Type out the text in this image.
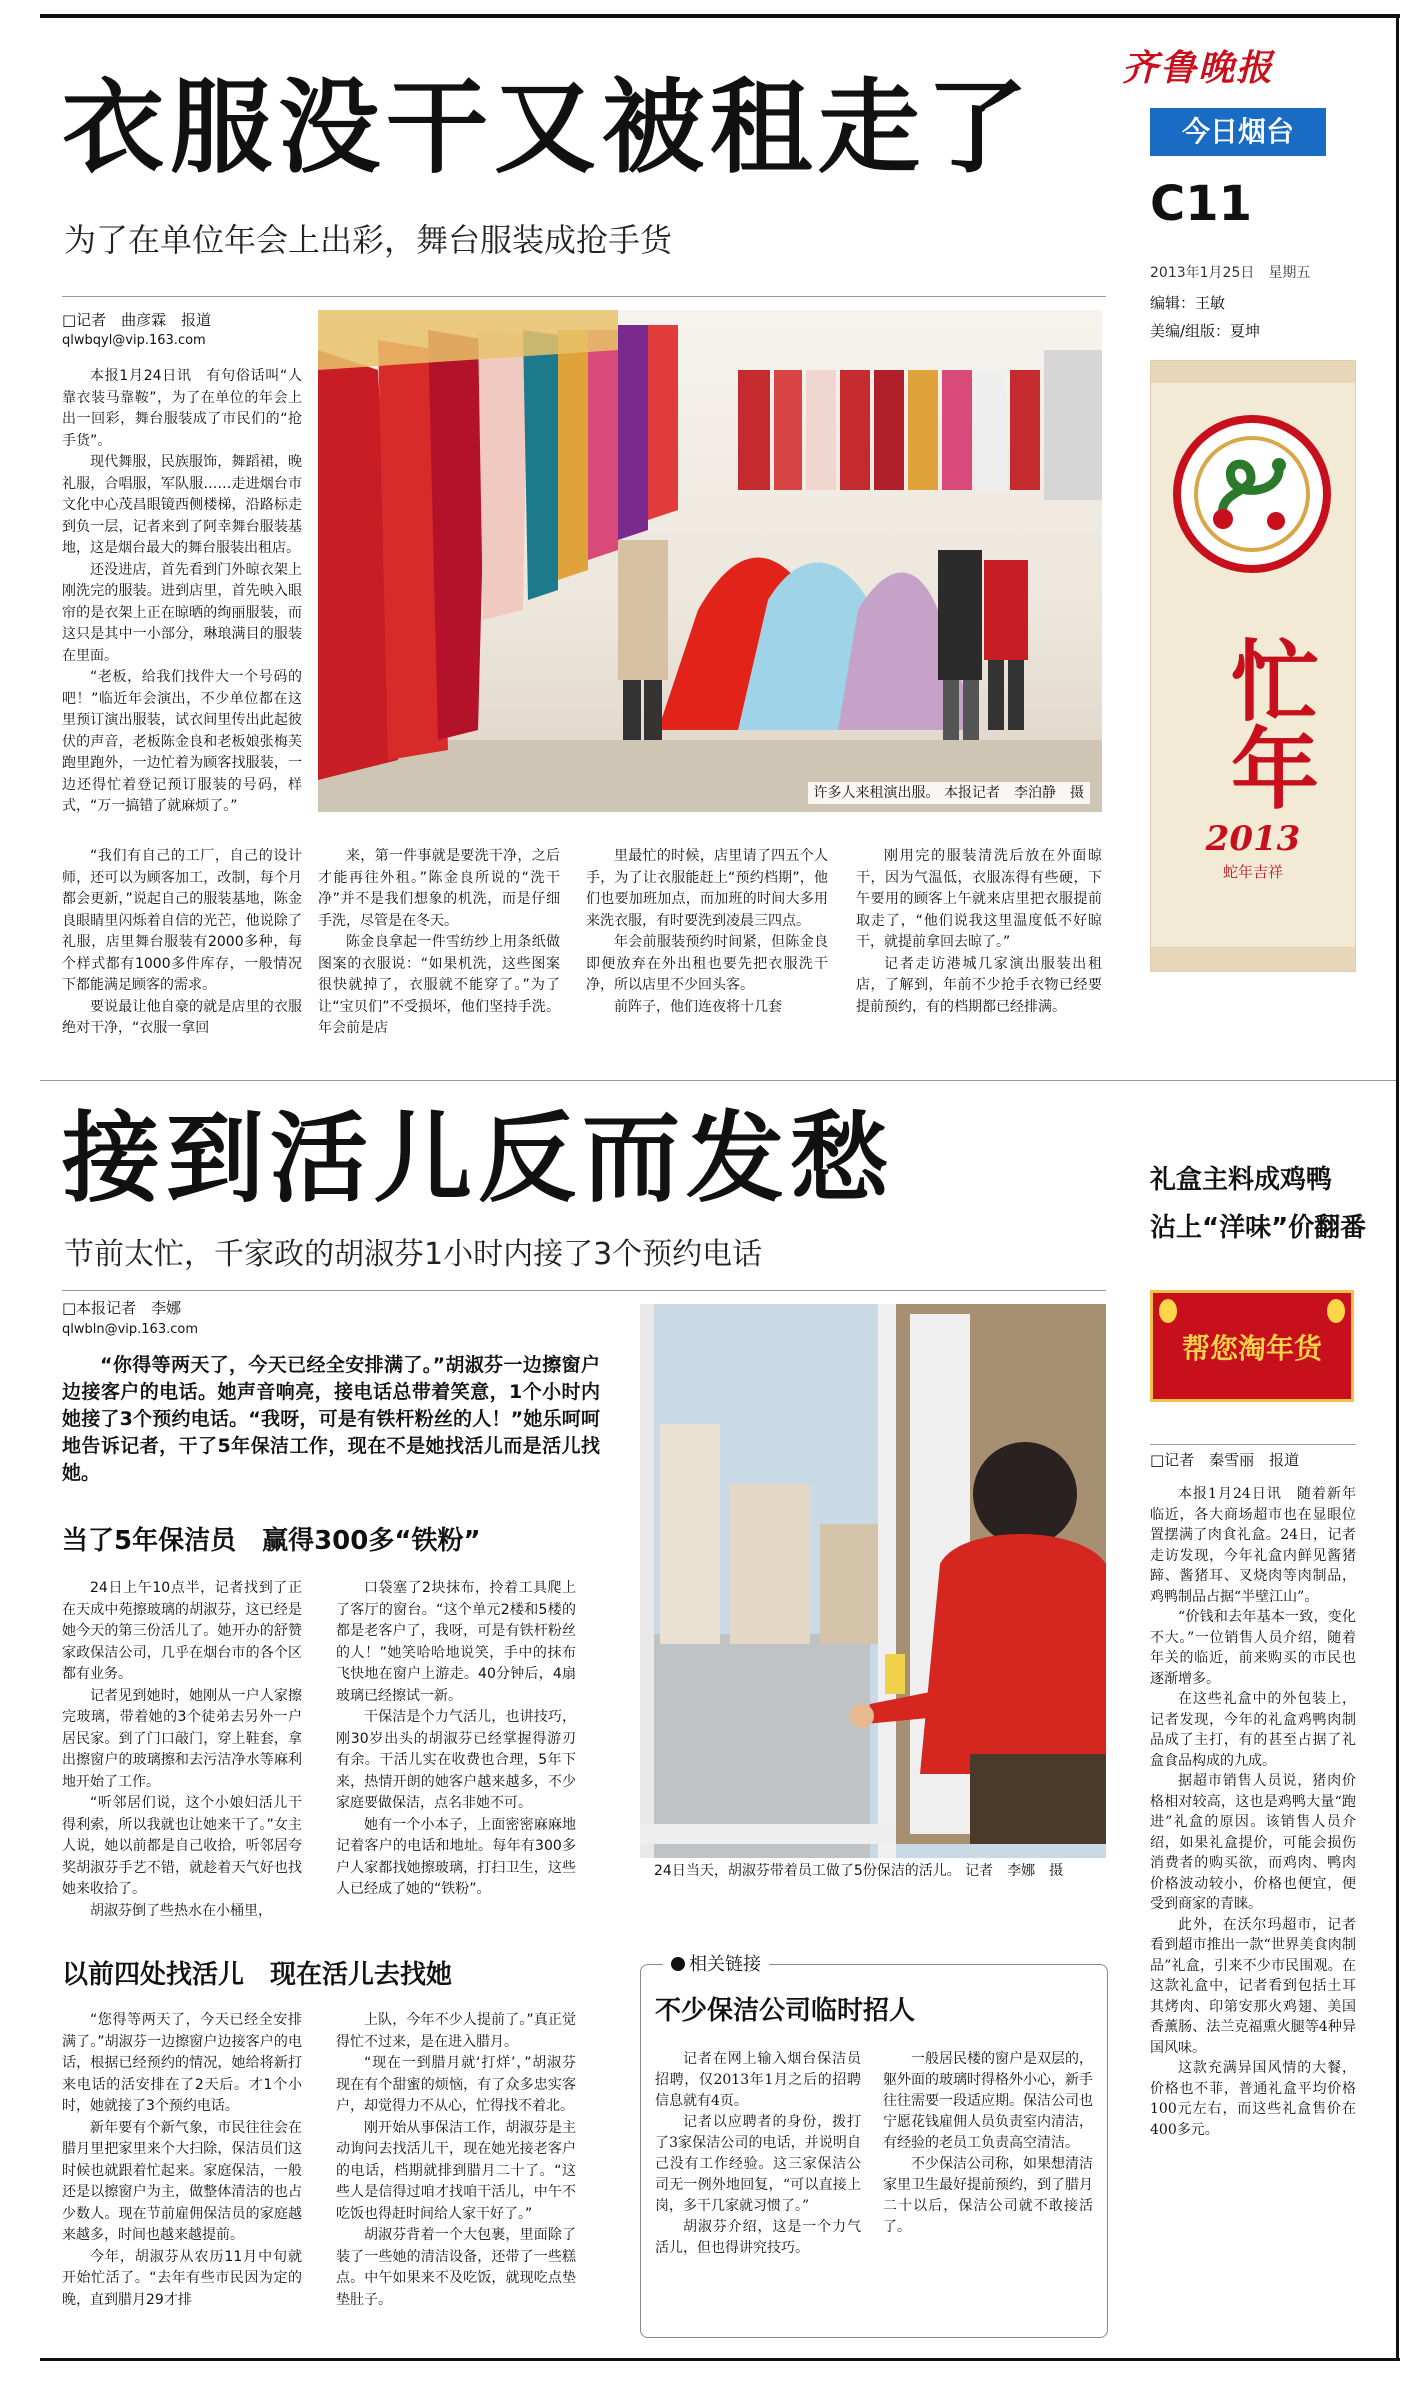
齐鲁晚报
今日烟台
C11
2013年1月25日　星期五
编辑：王敏
美编/组版：夏坤
忙年
2013
蛇年吉祥
衣服没干又被租走了
为了在单位年会上出彩，舞台服装成抢手货
□记者　曲彦霖　报道
qlwbqyl@vip.163.com

本报1月24日讯　有句俗话叫“人靠衣装马靠鞍”，为了在单位的年会上出一回彩，舞台服装成了市民们的“抢手货”。

现代舞服，民族服饰，舞蹈裙，晚礼服，合唱服，军队服……走进烟台市文化中心茂昌眼镜西侧楼梯，沿路标走到负一层，记者来到了阿幸舞台服装基地，这是烟台最大的舞台服装出租店。

还没进店，首先看到门外晾衣架上刚洗完的服装。进到店里，首先映入眼帘的是衣架上正在晾晒的绚丽服装，而这只是其中一小部分，琳琅满目的服装在里面。

“老板，给我们找件大一个号码的吧！”临近年会演出，不少单位都在这里预订演出服装，试衣间里传出此起彼伏的声音，老板陈金良和老板娘张梅芙跑里跑外，一边忙着为顾客找服装，一边还得忙着登记预订服装的号码，样式，“万一搞错了就麻烦了。”

“我们有自己的工厂，自己的设计师，还可以为顾客加工，改制，每个月都会更新，”说起自己的服装基地，陈金良眼睛里闪烁着自信的光芒，他说除了礼服，店里舞台服装有2000多种，每个样式都有1000多件库存，一般情况下都能满足顾客的需求。

要说最让他自豪的就是店里的衣服绝对干净，“衣服一拿回

许多人来租演出服。 本报记者　李泊静　摄

来，第一件事就是要洗干净，之后才能再往外租。”陈金良所说的“洗干净”并不是我们想象的机洗，而是仔细手洗，尽管是在冬天。

陈金良拿起一件雪纺纱上用条纸做图案的衣服说：“如果机洗，这些图案很快就掉了，衣服就不能穿了。”为了让“宝贝们”不受损坏，他们坚持手洗。年会前是店

里最忙的时候，店里请了四五个人手，为了让衣服能赶上“预约档期”，他们也要加班加点，而加班的时间大多用来洗衣服，有时要洗到凌晨三四点。

年会前服装预约时间紧，但陈金良即便放弃在外出租也要先把衣服洗干净，所以店里不少回头客。

前阵子，他们连夜将十几套

刚用完的服装清洗后放在外面晾干，因为气温低，衣服冻得有些硬，下午要用的顾客上午就来店里把衣服提前取走了，“他们说我这里温度低不好晾干，就提前拿回去晾了。”

记者走访港城几家演出服装出租店，了解到，年前不少抢手衣物已经要提前预约，有的档期都已经排满。

接到活儿反而发愁
节前太忙，千家政的胡淑芬1小时内接了3个预约电话
□本报记者　李娜
qlwbln@vip.163.com
“你得等两天了，今天已经全安排满了。”胡淑芬一边擦窗户边接客户的电话。她声音响亮，接电话总带着笑意，1个小时内她接了3个预约电话。“我呀，可是有铁杆粉丝的人！”她乐呵呵地告诉记者，干了5年保洁工作，现在不是她找活儿而是活儿找她。
当了5年保洁员　赢得300多“铁粉”

24日上午10点半，记者找到了正在天成中苑擦玻璃的胡淑芬，这已经是她今天的第三份活儿了。她开办的舒赞家政保洁公司，几乎在烟台市的各个区都有业务。

记者见到她时，她刚从一户人家擦完玻璃，带着她的3个徒弟去另外一户居民家。到了门口敲门，穿上鞋套，拿出擦窗户的玻璃擦和去污洁净水等麻利地开始了工作。

“听邻居们说，这个小娘妇活儿干得利索，所以我就也让她来干了。”女主人说，她以前都是自己收拾，听邻居夸奖胡淑芬手艺不错，就趁着天气好也找她来收拾了。

胡淑芬倒了些热水在小桶里，

口袋塞了2块抹布，拎着工具爬上了客厅的窗台。“这个单元2楼和5楼的都是老客户了，我呀，可是有铁杆粉丝的人！”她笑哈哈地说笑，手中的抹布飞快地在窗户上游走。40分钟后，4扇玻璃已经擦试一新。

干保洁是个力气活儿，也讲技巧，刚30岁出头的胡淑芬已经掌握得游刃有余。干活儿实在收费也合理，5年下来，热情开朗的她客户越来越多，不少家庭要做保洁，点名非她不可。

她有一个小本子，上面密密麻麻地记着客户的电话和地址。每年有300多户人家都找她擦玻璃，打扫卫生，这些人已经成了她的“铁粉”。

以前四处找活儿　现在活儿去找她

“您得等两天了，今天已经全安排满了。”胡淑芬一边擦窗户边接客户的电话，根据已经预约的情况，她给将新打来电话的活安排在了2天后。才1个小时，她就接了3个预约电话。

新年要有个新气象，市民往往会在腊月里把家里来个大扫除，保洁员们这时候也就跟着忙起来。家庭保洁，一般还是以擦窗户为主，做整体清洁的也占少数人。现在节前雇佣保洁员的家庭越来越多，时间也越来越提前。

今年，胡淑芬从农历11月中旬就开始忙活了。“去年有些市民因为定的晚，直到腊月29才排

上队，今年不少人提前了。”真正觉得忙不过来，是在进入腊月。

“现在一到腊月就‘打烊’，”胡淑芬现在有个甜蜜的烦恼，有了众多忠实客户，却觉得力不从心，忙得找不着北。

刚开始从事保洁工作，胡淑芬是主动询问去找活儿干，现在她光接老客户的电话，档期就排到腊月二十了。“这些人是信得过咱才找咱干活儿，中午不吃饭也得赶时间给人家干好了。”

胡淑芬背着一个大包裹，里面除了装了一些她的清洁设备，还带了一些糕点。中午如果来不及吃饭，就现吃点垫垫肚子。

24日当天，胡淑芬带着员工做了5份保洁的活儿。 记者　李娜　摄
相关链接
不少保洁公司临时招人

记者在网上输入烟台保洁员招聘，仅2013年1月之后的招聘信息就有4页。

记者以应聘者的身份，拨打了3家保洁公司的电话，并说明自己没有工作经验。这三家保洁公司无一例外地回复，“可以直接上岗，多干几家就习惯了。”

胡淑芬介绍，这是一个力气活儿，但也得讲究技巧。

一般居民楼的窗户是双层的，躯外面的玻璃时得格外小心，新手往往需要一段适应期。保洁公司也宁愿花钱雇佣人员负责室内清洁，有经验的老员工负责高空清洁。

不少保洁公司称，如果想清洁家里卫生最好提前预约，到了腊月二十以后，保洁公司就不敢接活了。

礼盒主料成鸡鸭
沾上“洋味”价翻番
帮您淘年货
□记者　秦雪丽　报道

本报1月24日讯　随着新年临近，各大商场超市也在显眼位置摆满了肉食礼盒。24日，记者走访发现，今年礼盒内鲜见酱猪蹄、酱猪耳、叉烧肉等肉制品，鸡鸭制品占据“半壁江山”。

“价钱和去年基本一致，变化不大。”一位销售人员介绍，随着年关的临近，前来购买的市民也逐渐增多。

在这些礼盒中的外包装上，记者发现，今年的礼盒鸡鸭肉制品成了主打，有的甚至占据了礼盒食品构成的九成。

据超市销售人员说，猪肉价格相对较高，这也是鸡鸭大量“跑进”礼盒的原因。该销售人员介绍，如果礼盒提价，可能会损伤消费者的购买欲，而鸡肉、鸭肉价格波动较小，价格也便宜，便受到商家的青睐。

此外，在沃尔玛超市，记者看到超市推出一款“世界美食肉制品”礼盒，引来不少市民围观。在这款礼盒中，记者看到包括土耳其烤肉、印第安那火鸡翅、美国香薰肠、法兰克福熏火腿等4种异国风味。

这款充满异国风情的大餐，价格也不菲，普通礼盒平均价格100元左右，而这些礼盒售价在400多元。
